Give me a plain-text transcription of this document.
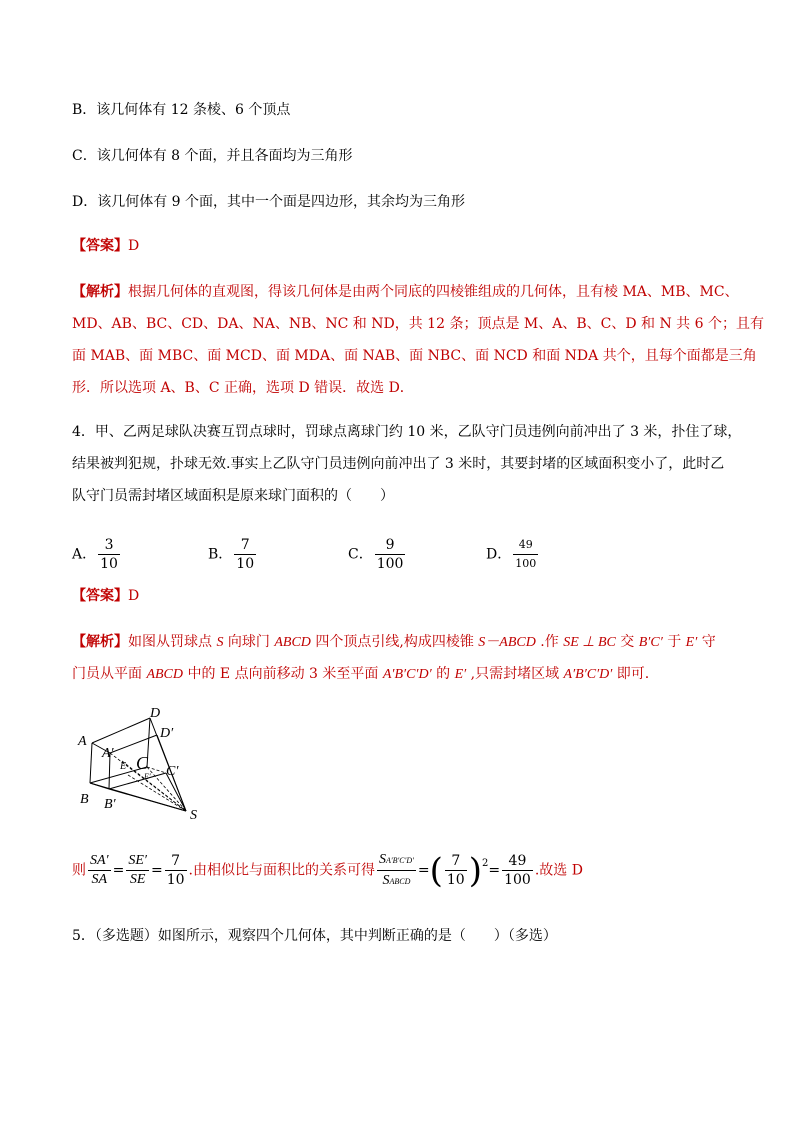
B．该几何体有 12 条棱、6 个顶点
C．该几何体有 8 个面，并且各面均为三角形
D．该几何体有 9 个面，其中一个面是四边形，其余均为三角形
【答案】D
【解析】根据几何体的直观图，得该几何体是由两个同底的四棱锥组成的几何体，且有棱 MA、MB、MC、
MD、AB、BC、CD、DA、NA、NB、NC 和 ND，共 12 条；顶点是 M、A、B、C、D 和 N 共 6 个；且有
面 MAB、面 MBC、面 MCD、面 MDA、面 NAB、面 NBC、面 NCD 和面 NDA 共个，且每个面都是三角
形．所以选项 A、B、C 正确，选项 D 错误．故选 D．
4．甲、乙两足球队决赛互罚点球时，罚球点离球门约 10 米，乙队守门员违例向前冲出了 3 米，扑住了球，
结果被判犯规，扑球无效.事实上乙队守门员违例向前冲出了 3 米时，其要封堵的区域面积变小了，此时乙
队守门员需封堵区域面积是原来球门面积的（　　）
A． $\frac{3}{10}$	B． $\frac{7}{10}$	C． $\frac{9}{100}$	D． $\frac{49}{100}$
【答案】D
【解析】如图从罚球点 S 向球门 ABCD 四个顶点引线,构成四棱锥 S－ABCD .作 SE ⊥ BC 交 B′C′ 于 E′ 守
门员从平面 ABCD 中的 E 点向前移动 3 米至平面 A′B′C′D′ 的 E′ ,只需封堵区域 A′B′C′D′ 即可.
A
B
D
S
A′
B′
C′
D′
C
E
E′
则 $\frac{SA'}{SA} = \frac{SE'}{SE} = \frac{7}{10}$ .由相似比与面积比的关系可得 $\frac{SA'B'C'D'}{\text{SABCD}}$ =( $\frac{7}{10} )^2= \frac{49}{100}$ .故选 D
5．（多选题）如图所示，观察四个几何体，其中判断正确的是（　　）（多选）
